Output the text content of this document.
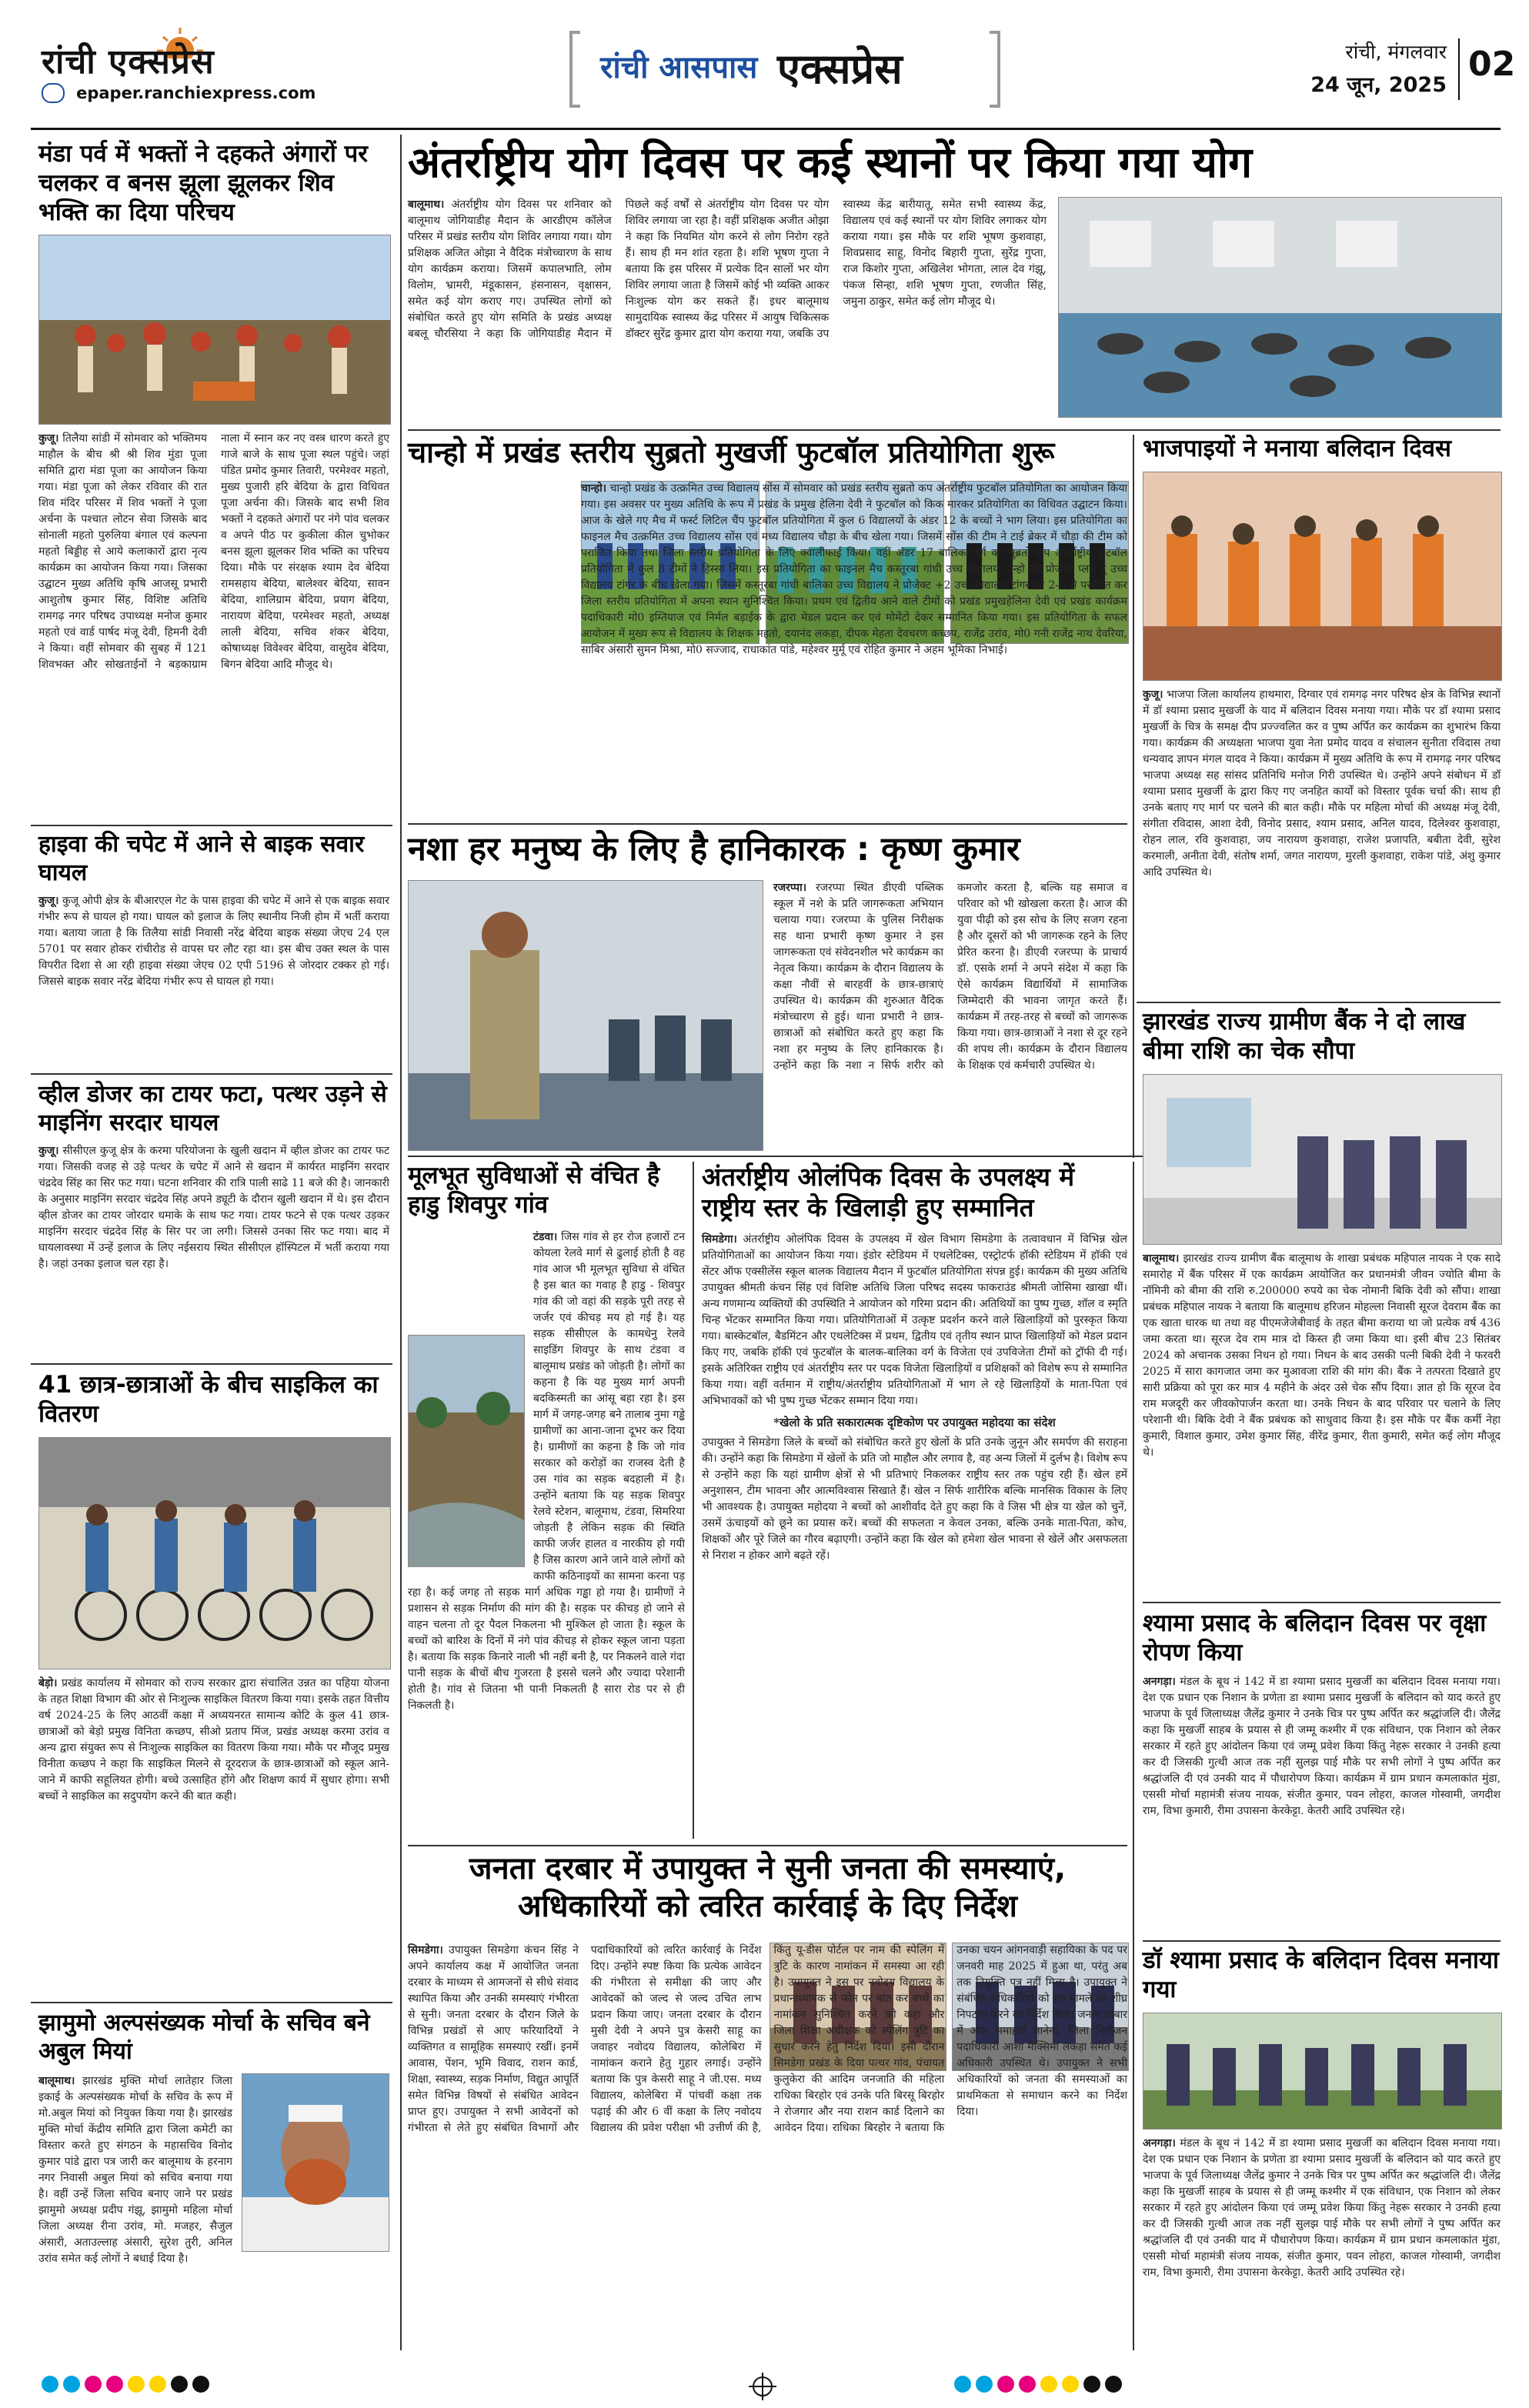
रांची एक्सप्रेस
epaper.ranchiexpress.com
रांची आसपास एक्सप्रेस	रांची, मंगलवार
24 जून, 2025
02
मंडा पर्व में भक्तों ने दहकते अंगारों पर चलकर व बनस झूला झूलकर शिव भक्ति का दिया परिचय
कुजू। तिलैया सांडी में सोमवार को भक्तिमय माहौल के बीच श्री श्री शिव मुंडा पूजा समिति द्वारा मंडा पूजा का आयोजन किया गया। मंडा पूजा को लेकर रविवार की रात शिव मंदिर परिसर में शिव भक्तों ने पूजा अर्चना के पश्चात लोटन सेवा जिसके बाद सोनाली महतो पुरुलिया बंगाल एवं कल्पना महतो बिड्डीह से आये कलाकारों द्वारा नृत्य कार्यक्रम का आयोजन किया गया। जिसका उद्घाटन मुख्य अतिथि कृषि आजसू प्रभारी आशुतोष कुमार सिंह, विशिष्ट अतिथि रामगढ़ नगर परिषद उपाध्यक्ष मनोज कुमार महतो एवं वार्ड पार्षद मंजू देवी, हिमनी देवी ने किया। वहीं सोमवार की सुबह में 121 शिवभक्त और सोखताईनों ने बड़काग्राम नाला में स्नान कर नए वस्त्र धारण करते हुए गाजे बाजे के साथ पूजा स्थल पहुंचे। जहां पंडित प्रमोद कुमार तिवारी, परमेश्वर महतो, मुख्य पुजारी हरि बेदिया के द्वारा विधिवत पूजा अर्चना की। जिसके बाद सभी शिव भक्तों ने दहकते अंगारों पर नंगे पांव चलकर व अपने पीठ पर कुकीला कील चुभोकर बनस झूला झूलकर शिव भक्ति का परिचय दिया। मौके पर संरक्षक श्याम देव बेदिया रामसहाय बेदिया, बालेश्वर बेदिया, सावन बेदिया, शालिग्राम बेदिया, प्रयाग बेदिया, नारायण बेदिया, परमेश्वर महतो, अध्यक्ष लाली बेदिया, सचिव शंकर बेदिया, कोषाध्यक्ष विवेश्वर बेदिया, वासुदेव बेदिया, बिगन बेदिया आदि मौजूद थे।
हाइवा की चपेट में आने से बाइक सवार घायल

कुजू। कुजू ओपी क्षेत्र के बीआरएल गेट के पास हाइवा की चपेट में आने से एक बाइक सवार गंभीर रूप से घायल हो गया। घायल को इलाज के लिए स्थानीय निजी होम में भर्ती कराया गया। बताया जाता है कि तिलैया सांडी निवासी नरेंद्र बेदिया बाइक संख्या जेएच 24 एल 5701 पर सवार होकर रांचीरोड से वापस घर लौट रहा था। इस बीच उक्त स्थल के पास विपरीत दिशा से आ रही हाइवा संख्या जेएच 02 एपी 5196 से जोरदार टक्कर हो गई। जिससे बाइक सवार नरेंद्र बेदिया गंभीर रूप से घायल हो गया।

व्हील डोजर का टायर फटा, पत्थर उड़ने से माइनिंग सरदार घायल

कुजू। सीसीएल कुजू क्षेत्र के करमा परियोजना के खुली खदान में व्हील डोजर का टायर फट गया। जिसकी वजह से उड़े पत्थर के चपेट में आने से खदान में कार्यरत माइनिंग सरदार चंद्रदेव सिंह का सिर फट गया। घटना शनिवार की रात्रि पाली साढे 11 बजे की है। जानकारी के अनुसार माइनिंग सरदार चंद्रदेव सिंह अपने ड्यूटी के दौरान खुली खदान में थे। इस दौरान व्हील डोजर का टायर जोरदार धमाके के साथ फट गया। टायर फटने से एक पत्थर उड़कर माइनिंग सरदार चंद्रदेव सिंह के सिर पर जा लगी। जिससे उनका सिर फट गया। बाद में घायलावस्था में उन्हें इलाज के लिए नईसराय स्थित सीसीएल हॉस्पिटल में भर्ती कराया गया है। जहां उनका इलाज चल रहा है।

41 छात्र-छात्राओं के बीच साइकिल का वितरण

बेड़ो। प्रखंड कार्यालय में सोमवार को राज्य सरकार द्वारा संचालित उन्नत का पहिया योजना के तहत शिक्षा विभाग की ओर से निःशुल्क साइकिल वितरण किया गया। इसके तहत वित्तीय वर्ष 2024-25 के लिए आठवीं कक्षा में अध्ययनरत सामान्य कोटि के कुल 41 छात्र-छात्राओं को बेड़ो प्रमुख विनिता कच्छप, सीओ प्रताप मिंज, प्रखंड अध्यक्ष करमा उरांव व अन्य द्वारा संयुक्त रूप से निःशुल्क साइकिल का वितरण किया गया। मौके पर मौजूद प्रमुख विनीता कच्छप ने कहा कि साइकिल मिलने से दूरदराज के छात्र-छात्राओं को स्कूल आने-जाने में काफी सहूलियत होगी। बच्चे उत्साहित होंगे और शिक्षण कार्य में सुधार होगा। सभी बच्चों ने साइकिल का सदुपयोग करने की बात कही।

झामुमो अल्पसंख्यक मोर्चा के सचिव बने अबुल मियां

बालूमाथ। झारखंड मुक्ति मोर्चा लातेहार जिला इकाई के अल्पसंख्यक मोर्चा के सचिव के रूप में मो.अबुल मियां को नियुक्त किया गया है। झारखंड मुक्ति मोर्चा केंद्रीय समिति द्वारा जिला कमेटी का विस्तार करते हुए संगठन के महासचिव विनोद कुमार पांडे द्वारा पत्र जारी कर बालूमाथ के हरनाग नगर निवासी अबुल मियां को सचिव बनाया गया है। वहीं उन्हें जिला सचिव बनाए जाने पर प्रखंड झामुमो अध्यक्ष प्रदीप गंझू, झामुमो महिला मोर्चा जिला अध्यक्ष रीना उरांव, मो. मजहर, सैजुल अंसारी, अताउल्लाह अंसारी, सुरेश तुरी, अनिल उरांव समेत कई लोगों ने बधाई दिया है।

अंतर्राष्ट्रीय योग दिवस पर कई स्थानों पर किया गया योग
बालूमाथ। अंतर्राष्ट्रीय योग दिवस पर शनिवार को बालूमाथ जोगियाडीह मैदान के आरडीएम कॉलेज परिसर में प्रखंड स्तरीय योग शिविर लगाया गया। योग प्रशिक्षक अजित ओझा ने वैदिक मंत्रोच्चारण के साथ योग कार्यक्रम कराया। जिसमें कपालभाति, लोम विलोम, भ्रामरी, मंडूकासन, हंसनासन, वृक्षासन, समेत कई योग कराए गए। उपस्थित लोगों को संबोधित करते हुए योग समिति के प्रखंड अध्यक्ष बबलू चौरसिया ने कहा कि जोगियाडीह मैदान में पिछले कई वर्षों से अंतर्राष्ट्रीय योग दिवस पर योग शिविर लगाया जा रहा है। वहीं प्रशिक्षक अजीत ओझा ने कहा कि नियमित योग करने से लोग निरोग रहते हैं। साथ ही मन शांत रहता है। शशि भूषण गुप्ता ने बताया कि इस परिसर में प्रत्येक दिन सालों भर योग शिविर लगाया जाता है जिसमें कोई भी व्यक्ति आकर निःशुल्क योग कर सकते हैं। इधर बालूमाथ सामुदायिक स्वास्थ्य केंद्र परिसर में आयुष चिकित्सक डॉक्टर सुरेंद्र कुमार द्वारा योग कराया गया, जबकि उप स्वास्थ्य केंद्र बारीयातू, समेत सभी स्वास्थ्य केंद्र, विद्यालय एवं कई स्थानों पर योग शिविर लगाकर योग कराया गया। इस मौके पर शशि भूषण कुशवाहा, शिवप्रसाद साहू, विनोद बिहारी गुप्ता, सुरेंद्र गुप्ता, राज किशोर गुप्ता, अखिलेश भोगता, लाल देव गंझू, पंकज सिन्हा, शशि भूषण गुप्ता, रणजीत सिंह, जमुना ठाकुर, समेत कई लोग मौजूद थे।
चान्हो में प्रखंड स्तरीय सुब्रतो मुखर्जी फुटबॉल प्रतियोगिता शुरू
चान्हो। चान्हो प्रखंड के उत्क्रमित उच्च विद्यालय सोंस में सोमवार को प्रखंड स्तरीय सुब्रतो कप अंतर्राष्ट्रीय फुटबॉल प्रतियोगिता का आयोजन किया गया। इस अवसर पर मुख्य अतिथि के रूप में प्रखंड के प्रमुख हेलिना देवी ने फुटबॉल को किक मारकर प्रतियोगिता का विधिवत उद्घाटन किया। आज के खेले गए मैच में फर्स्ट लिटिल चैंप फुटबॉल प्रतियोगिता में कुल 6 विद्यालयों के अंडर 12 के बच्चों ने भाग लिया। इस प्रतियोगिता का फाइनल मैच उत्क्रमित उच्च विद्यालय सोंस एवं मध्य विद्यालय चौड़ा के बीच खेला गया। जिसमें सोंस की टीम ने टाई ब्रेकर में चौड़ा की टीम को पराजित किया तथा जिला स्तरीय प्रतियोगिता के लिए क्वालीफाई किया। वहीं अंडर 17 बालिका वर्ग का सुब्रतो कप अंतर्राष्ट्रीय फुटबॉल प्रतियोगिता में कुल 8 टीमों ने हिस्सा लिया। इस प्रतियोगिता का फाइनल मैच कस्तूरबा गांधी उच्च विद्यालय चान्हो एवं प्रोजेक्ट प्लस टू उच्च विद्यालय टांगर के बीच खेला गया। जिसमें कस्तूरबा गांधी बालिका उच्च विद्यालय ने प्रोजेक्ट +2 उच्च विद्यालय टांगर को 2-0 से पराजित कर जिला स्तरीय प्रतियोगिता में अपना स्थान सुनिश्चित किया। प्रथम एवं द्वितीय आने वाले टीमों को प्रखंड प्रमुखहेलिना देवी एवं प्रखंड कार्यक्रम पदाधिकारी मो0 इम्तियाज एवं निर्मल बड़ाईक के द्वारा मेडल प्रदान कर एवं मोमेंटो देकर सम्मानित किया गया। इस प्रतियोगिता के सफल आयोजन में मुख्य रूप से विद्यालय के शिक्षक महतो, दयानंद लकड़ा, दीपक मेहता देवचरण कच्छप, राजेंद्र उरांव, मो0 गनी राजेंद्र नाथ देवरिया, साबिर अंसारी सुमन मिश्रा, मो0 सज्जाद, राधाकांत पांडे, महेश्वर मुर्मू एवं रोहित कुमार ने अहम भूमिका निभाई।
भाजपाइयों ने मनाया बलिदान दिवस

कुजू। भाजपा जिला कार्यालय हाथमारा, दिग्वार एवं रामगढ़ नगर परिषद क्षेत्र के विभिन्न स्थानों में डॉ श्यामा प्रसाद मुखर्जी के याद में बलिदान दिवस मनाया गया। मौके पर डॉ श्यामा प्रसाद मुखर्जी के चित्र के समक्ष दीप प्रज्ज्वलित कर व पुष्प अर्पित कर कार्यक्रम का शुभारंभ किया गया। कार्यक्रम की अध्यक्षता भाजपा युवा नेता प्रमोद यादव व संचालन सुनीता रविदास तथा धन्यवाद ज्ञापन मंगल यादव ने किया। कार्यक्रम में मुख्य अतिथि के रूप में रामगढ़ नगर परिषद भाजपा अध्यक्ष सह सांसद प्रतिनिधि मनोज गिरी उपस्थित थे। उन्होंने अपने संबोधन में डॉ श्यामा प्रसाद मुखर्जी के द्वारा किए गए जनहित कार्यों को विस्तार पूर्वक चर्चा की। साथ ही उनके बताए गए मार्ग पर चलने की बात कही। मौके पर महिला मोर्चा की अध्यक्ष मंजू देवी, संगीता रविदास, आशा देवी, विनोद प्रसाद, श्याम प्रसाद, अनिल यादव, दिलेश्वर कुशवाहा, रोहन लाल, रवि कुशवाहा, जय नारायण कुशवाहा, राजेश प्रजापति, बबीता देवी, सुरेश करमाली, अनीता देवी, संतोष शर्मा, जगत नारायण, मुरली कुशवाहा, राकेश पांडे, अंशु कुमार आदि उपस्थित थे।

नशा हर मनुष्य के लिए है हानिकारक : कृष्ण कुमार
रजरप्पा। रजरप्पा स्थित डीएवी पब्लिक स्कूल में नशे के प्रति जागरूकता अभियान चलाया गया। रजरप्पा के पुलिस निरीक्षक सह थाना प्रभारी कृष्ण कुमार ने इस जागरूकता एवं संवेदनशील भरे कार्यक्रम का नेतृत्व किया। कार्यक्रम के दौरान विद्यालय के कक्षा नौवीं से बारहवीं के छात्र-छात्राएं उपस्थित थे। कार्यक्रम की शुरुआत वैदिक मंत्रोच्चारण से हुई। थाना प्रभारी ने छात्र-छात्राओं को संबोधित करते हुए कहा कि नशा हर मनुष्य के लिए हानिकारक है। उन्होंने कहा कि नशा न सिर्फ शरीर को कमजोर करता है, बल्कि यह समाज व परिवार को भी खोखला करता है। आज की युवा पीढ़ी को इस सोच के लिए सजग रहना है और दूसरों को भी जागरूक रहने के लिए प्रेरित करना है। डीएवी रजरप्पा के प्राचार्य डॉ. एसके शर्मा ने अपने संदेश में कहा कि ऐसे कार्यक्रम विद्यार्थियों में सामाजिक जिम्मेदारी की भावना जागृत करते हैं। कार्यक्रम में तरह-तरह से बच्चों को जागरूक किया गया। छात्र-छात्राओं ने नशा से दूर रहने की शपथ ली। कार्यक्रम के दौरान विद्यालय के शिक्षक एवं कर्मचारी उपस्थित थे।
मूलभूत सुविधाओं से वंचित है हाडु शिवपुर गांव
टंडवा। जिस गांव से हर रोज हजारों टन कोयला रेलवे मार्ग से ढुलाई होती है वह गांव आज भी मूलभूत सुविधा से वंचित है इस बात का गवाह है हाडु - शिवपुर गांव की जो वहां की सड़के पूरी तरह से जर्जर एवं कीचड़ मय हो गई है। यह सड़क सीसीएल के कामधेनु रेलवे साइडिंग शिवपुर के साथ टंडवा व बालूमाथ प्रखंड को जोड़ती है। लोगों का कहना है कि यह मुख्य मार्ग अपनी बदकिस्मती का आंसू बहा रहा है। इस मार्ग में जगह-जगह बने तालाब नुमा गड्ढे ग्रामीणों का आना-जाना दूभर कर दिया है। ग्रामीणों का कहना है कि जो गांव सरकार को करोड़ों का राजस्व देती है उस गांव का सड़क बदहाली में है। उन्होंने बताया कि यह सड़क शिवपुर रेलवे स्टेशन, बालूमाथ, टंडवा, सिमरिया जोड़ती है लेकिन सड़क की स्थिति काफी जर्जर हालत व नारकीय हो गयी है जिस कारण आने जाने वाले लोगों को काफी कठिनाइयों का सामना करना पड़ रहा है। कई जगह तो सड़क मार्ग अधिक गड्ढा हो गया है। ग्रामीणों ने प्रशासन से सड़क निर्माण की मांग की है। सड़क पर कीचड़ हो जाने से वाहन चलना तो दूर पैदल निकलना भी मुश्किल हो जाता है। स्कूल के बच्चों को बारिश के दिनों में नंगे पांव कीचड़ से होकर स्कूल जाना पड़ता है। बताया कि सड़क किनारे नाली भी नहीं बनी है, पर निकलने वाले गंदा पानी सड़क के बीचों बीच गुजरता है इससे चलने और ज्यादा परेशानी होती है। गांव से जितना भी पानी निकलती है सारा रोड पर से ही निकलती है।
अंतर्राष्ट्रीय ओलंपिक दिवस के उपलक्ष्य में राष्ट्रीय स्तर के खिलाड़ी हुए सम्मानित

सिमडेगा। अंतर्राष्ट्रीय ओलंपिक दिवस के उपलक्ष्य में खेल विभाग सिमडेगा के तत्वावधान में विभिन्न खेल प्रतियोगिताओं का आयोजन किया गया। इंडोर स्टेडियम में एथलेटिक्स, एस्ट्रोटर्फ हॉकी स्टेडियम में हॉकी एवं सेंटर ऑफ एक्सीलेंस स्कूल बालक विद्यालय मैदान में फुटबॉल प्रतियोगिता संपन्न हुई। कार्यक्रम की मुख्य अतिथि उपायुक्त श्रीमती कंचन सिंह एवं विशिष्ट अतिथि जिला परिषद सदस्य फाकराउंड श्रीमती जोसिमा खाखा थीं। अन्य गणमान्य व्यक्तियों की उपस्थिति ने आयोजन को गरिमा प्रदान की। अतिथियों का पुष्प गुच्छ, शॉल व स्मृति चिन्ह भेंटकर सम्मानित किया गया। प्रतियोगिताओं में उत्कृष्ट प्रदर्शन करने वाले खिलाड़ियों को पुरस्कृत किया गया। बास्केटबॉल, बैडमिंटन और एथलेटिक्स में प्रथम, द्वितीय एवं तृतीय स्थान प्राप्त खिलाड़ियों को मेडल प्रदान किए गए, जबकि हॉकी एवं फुटबॉल के बालक-बालिका वर्ग के विजेता एवं उपविजेता टीमों को ट्रॉफी दी गई। इसके अतिरिक्त राष्ट्रीय एवं अंतर्राष्ट्रीय स्तर पर पदक विजेता खिलाड़ियों व प्रशिक्षकों को विशेष रूप से सम्मानित किया गया। वहीं वर्तमान में राष्ट्रीय/अंतर्राष्ट्रीय प्रतियोगिताओं में भाग ले रहे खिलाड़ियों के माता-पिता एवं अभिभावकों को भी पुष्प गुच्छ भेंटकर सम्मान दिया गया।

*खेलो के प्रति सकारात्मक दृष्टिकोण पर उपायुक्त महोदया का संदेश

उपायुक्त ने सिमडेगा जिले के बच्चों को संबोधित करते हुए खेलों के प्रति उनके जुनून और समर्पण की सराहना की। उन्होंने कहा कि सिमडेगा में खेलों के प्रति जो माहौल और लगाव है, वह अन्य जिलों में दुर्लभ है। विशेष रूप से उन्होंने कहा कि यहां ग्रामीण क्षेत्रों से भी प्रतिभाएं निकलकर राष्ट्रीय स्तर तक पहुंच रही हैं। खेल हमें अनुशासन, टीम भावना और आत्मविश्वास सिखाते हैं। खेल न सिर्फ शारीरिक बल्कि मानसिक विकास के लिए भी आवश्यक है। उपायुक्त महोदया ने बच्चों को आशीर्वाद देते हुए कहा कि वे जिस भी क्षेत्र या खेल को चुनें, उसमें ऊंचाइयों को छूने का प्रयास करें। बच्चों की सफलता न केवल उनका, बल्कि उनके माता-पिता, कोच, शिक्षकों और पूरे जिले का गौरव बढ़ाएगी। उन्होंने कहा कि खेल को हमेशा खेल भावना से खेलें और असफलता से निराश न होकर आगे बढ़ते रहें।

झारखंड राज्य ग्रामीण बैंक ने दो लाख बीमा राशि का चेक सौपा

बालूमाथ। झारखंड राज्य ग्रामीण बैंक बालूमाथ के शाखा प्रबंधक महिपाल नायक ने एक सादे समारोह में बैंक परिसर में एक कार्यक्रम आयोजित कर प्रधानमंत्री जीवन ज्योति बीमा के नॉमिनी को बीमा की राशि रु.200000 रुपये का चेक नोमानी बिकि देवी को सौंपा। शाखा प्रबंधक महिपाल नायक ने बताया कि बालूमाथ हरिजन मोहल्ला निवासी सूरज देवराम बैंक का एक खाता धारक था तथा वह पीएमजेजेबीवाई के तहत बीमा कराया था जो प्रत्येक वर्ष 436 जमा करता था। सूरज देव राम मात्र दो किस्त ही जमा किया था। इसी बीच 23 सितंबर 2024 को अचानक उसका निधन हो गया। निधन के बाद उसकी पत्नी बिकी देवी ने फरवरी 2025 में सारा कागजात जमा कर मुआवजा राशि की मांग की। बैंक ने तत्परता दिखाते हुए सारी प्रक्रिया को पूरा कर मात्र 4 महीने के अंदर उसे चेक सौंप दिया। ज्ञात हो कि सूरज देव राम मजदूरी कर जीवकोपार्जन करता था। उनके निधन के बाद परिवार पर चलाने के लिए परेशानी थी। बिकि देवी ने बैंक प्रबंधक को साधुवाद किया है। इस मौके पर बैंक कर्मी नेहा कुमारी, विशाल कुमार, उमेश कुमार सिंह, वीरेंद्र कुमार, रीता कुमारी, समेत कई लोग मौजूद थे।

श्यामा प्रसाद के बलिदान दिवस पर वृक्षा रोपण किया

अनगड़ा। मंडल के बूथ नं 142 में डा श्यामा प्रसाद मुखर्जी का बलिदान दिवस मनाया गया। देश एक प्रधान एक निशान के प्रणेता डा श्यामा प्रसाद मुखर्जी के बलिदान को याद करते हुए भाजपा के पूर्व जिलाध्यक्ष जैलेंद्र कुमार ने उनके चित्र पर पुष्प अर्पित कर श्रद्धांजलि दी। जैलेंद्र कहा कि मुखर्जी साहब के प्रयास से ही जम्मू कश्मीर में एक संविधान, एक निशान को लेकर सरकार में रहते हुए आंदोलन किया एवं जम्मू प्रवेश किया किंतु नेहरू सरकार ने उनकी हत्या कर दी जिसकी गुत्थी आज तक नहीं सुलझ पाई मौके पर सभी लोगों ने पुष्प अर्पित कर श्रद्धांजलि दी एवं उनकी याद में पौधारोपण किया। कार्यक्रम में ग्राम प्रधान कमलाकांत मुंडा, एससी मोर्चा महामंत्री संजय नायक, संजीत कुमार, पवन लोहरा, काजल गोस्वामी, जगदीश राम, विभा कुमारी, रीमा उपासना केरकेट्टा. केतरी आदि उपस्थित रहे।

डॉ श्यामा प्रसाद के बलिदान दिवस मनाया गया

अनगड़ा। मंडल के बूथ नं 142 में डा श्यामा प्रसाद मुखर्जी का बलिदान दिवस मनाया गया। देश एक प्रधान एक निशान के प्रणेता डा श्यामा प्रसाद मुखर्जी के बलिदान को याद करते हुए भाजपा के पूर्व जिलाध्यक्ष जैलेंद्र कुमार ने उनके चित्र पर पुष्प अर्पित कर श्रद्धांजलि दी। जैलेंद्र कहा कि मुखर्जी साहब के प्रयास से ही जम्मू कश्मीर में एक संविधान, एक निशान को लेकर सरकार में रहते हुए आंदोलन किया एवं जम्मू प्रवेश किया किंतु नेहरू सरकार ने उनकी हत्या कर दी जिसकी गुत्थी आज तक नहीं सुलझ पाई मौके पर सभी लोगों ने पुष्प अर्पित कर श्रद्धांजलि दी एवं उनकी याद में पौधारोपण किया। कार्यक्रम में ग्राम प्रधान कमलाकांत मुंडा, एससी मोर्चा महामंत्री संजय नायक, संजीत कुमार, पवन लोहरा, काजल गोस्वामी, जगदीश राम, विभा कुमारी, रीमा उपासना केरकेट्टा. केतरी आदि उपस्थित रहे।

जनता दरबार में उपायुक्त ने सुनी जनता की समस्याएं, अधिकारियों को त्वरित कार्रवाई के दिए निर्देश
सिमडेगा। उपायुक्त सिमडेगा कंचन सिंह ने अपने कार्यालय कक्ष में आयोजित जनता दरबार के माध्यम से आमजनों से सीधे संवाद स्थापित किया और उनकी समस्याएं गंभीरता से सुनी। जनता दरबार के दौरान जिले के विभिन्न प्रखंडों से आए फरियादियों ने व्यक्तिगत व सामूहिक समस्याएं रखीं। इनमें आवास, पेंशन, भूमि विवाद, राशन कार्ड, शिक्षा, स्वास्थ्य, सड़क निर्माण, विद्युत आपूर्ति समेत विभिन्न विषयों से संबंधित आवेदन प्राप्त हुए। उपायुक्त ने सभी आवेदनों को गंभीरता से लेते हुए संबंधित विभागों और पदाधिकारियों को त्वरित कार्रवाई के निर्देश दिए। उन्होंने स्पष्ट किया कि प्रत्येक आवेदन की गंभीरता से समीक्षा की जाए और आवेदकों को जल्द से जल्द उचित लाभ प्रदान किया जाए। जनता दरबार के दौरान मुसी देवी ने अपने पुत्र केसरी साहू का जवाहर नवोदय विद्यालय, कोलेबिरा में नामांकन कराने हेतु गुहार लगाई। उन्होंने बताया कि पुत्र केसरी साहू ने जी.एस. मध्य विद्यालय, कोलेबिरा में पांचवीं कक्षा तक पढ़ाई की और 6 वीं कक्षा के लिए नवोदय विद्यालय की प्रवेश परीक्षा भी उत्तीर्ण की है, किंतु यू-डीस पोर्टल पर नाम की स्पेलिंग में त्रुटि के कारण नामांकन में समस्या आ रही है। उपायुक्त ने इस पर नवोदय विद्यालय के प्रधानाध्यापक से फोन पर बात कर बच्चे का नामांकन सुनिश्चित करने को कहा और जिला शिक्षा अधीक्षक को स्पेलिंग त्रुटि का सुधार करने हेतु निर्देश दिया। इसी दौरान सिमडेगा प्रखंड के दिया पत्थर गांव, पंचायत कुलुकेरा की आदिम जनजाति की महिला राधिका बिरहोर एवं उनके पति बिरसू बिरहोर ने रोजगार और नया राशन कार्ड दिलाने का आवेदन दिया। राधिका बिरहोर ने बताया कि उनका चयन आंगनवाड़ी सहायिका के पद पर जनवरी माह 2025 में हुआ था, परंतु अब तक नियुक्ति पत्र नहीं मिला है। उपायुक्त ने संबंधित अधिकारियों को इस मामले का शीघ्र निपटारा करने का निर्देश दिया। जनता दरबार में अपर समाहर्ता ज्ञानेन्द्र, जिला नियोजन पदाधिकारी आशा मैक्सिमा लकड़ा समेत कई अधिकारी उपस्थित थे। उपायुक्त ने सभी अधिकारियों को जनता की समस्याओं का प्राथमिकता से समाधान करने का निर्देश दिया।
